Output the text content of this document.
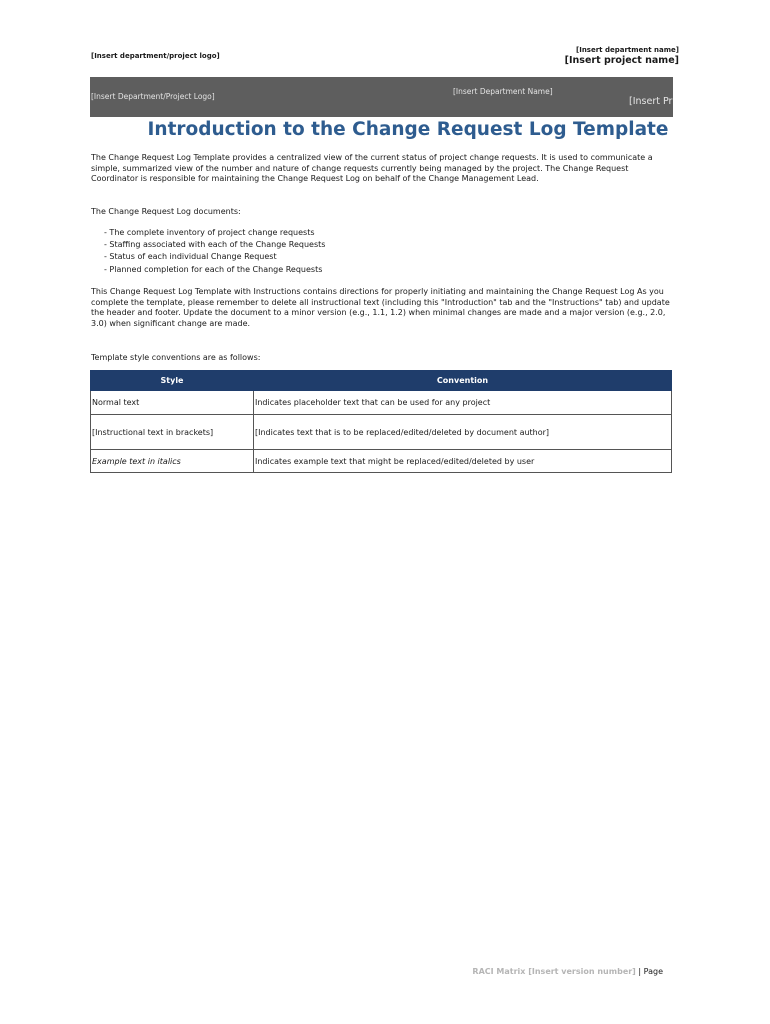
[Insert department/project logo]
[Insert department name]
[Insert project name]
[Insert Department/Project Logo]
[Insert Department Name]
[Insert Pr
Introduction to the Change Request Log Template

The Change Request Log Template provides a centralized view of the current status of project change requests. It is used to communicate a simple, summarized view of the number and nature of change requests currently being managed by the project. The Change Request Coordinator is responsible for maintaining the Change Request Log on behalf of the Change Management Lead.

The Change Request Log documents:

- The complete inventory of project change requests
- Staffing associated with each of the Change Requests
- Status of each individual Change Request
- Planned completion for each of the Change Requests

This Change Request Log Template with Instructions contains directions for properly initiating and maintaining the Change Request Log As you complete the template, please remember to delete all instructional text (including this "Introduction" tab and the "Instructions" tab) and update the header and footer. Update the document to a minor version (e.g., 1.1, 1.2) when minimal changes are made and a major version (e.g., 2.0, 3.0) when significant change are made.

Template style conventions are as follows:

Style	Convention
Normal text	Indicates placeholder text that can be used for any project
[Instructional text in brackets]	[Indicates text that is to be replaced/edited/deleted by document author]
Example text in italics	Indicates example text that might be replaced/edited/deleted by user
RACI Matrix [Insert version number] | Page
